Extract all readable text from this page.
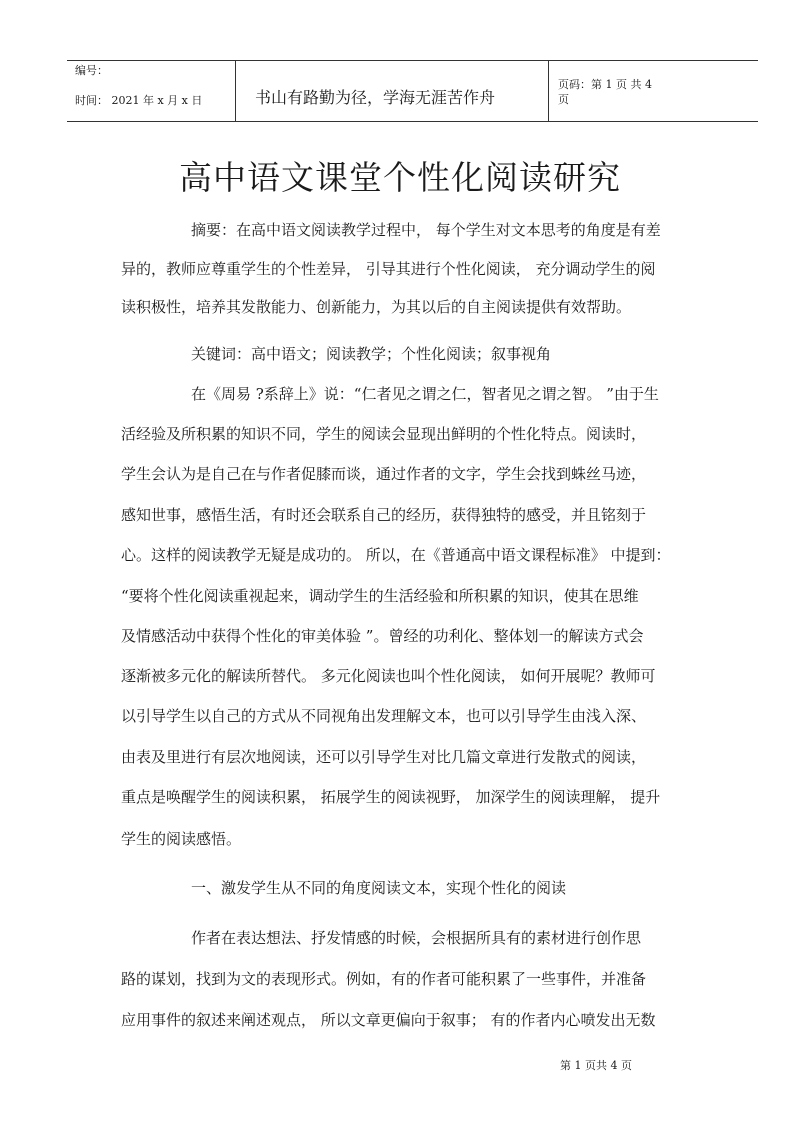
编号：
时间： 2021 年 x 月 x 日	书山有路勤为径，学海无涯苦作舟
页码：第 1 页 共 4
页
高中语文课堂个性化阅读研究
摘要：在高中语文阅读教学过程中， 每个学生对文本思考的角度是有差
异的，教师应尊重学生的个性差异， 引导其进行个性化阅读， 充分调动学生的阅
读积极性，培养其发散能力、创新能力，为其以后的自主阅读提供有效帮助。
关键词：高中语文；阅读教学；个性化阅读；叙事视角
在《周易 ?系辞上》说：“仁者见之谓之仁，智者见之谓之智。 ”由于生
活经验及所积累的知识不同，学生的阅读会显现出鲜明的个性化特点。阅读时，
学生会认为是自己在与作者促膝而谈，通过作者的文字，学生会找到蛛丝马迹，
感知世事，感悟生活，有时还会联系自己的经历，获得独特的感受，并且铭刻于
心。这样的阅读教学无疑是成功的。 所以，在《普通高中语文课程标准》 中提到：
“要将个性化阅读重视起来，调动学生的生活经验和所积累的知识，使其在思维
及情感活动中获得个性化的审美体验 ”。曾经的功利化、整体划一的解读方式会
逐渐被多元化的解读所替代。 多元化阅读也叫个性化阅读， 如何开展呢？教师可
以引导学生以自己的方式从不同视角出发理解文本，也可以引导学生由浅入深、
由表及里进行有层次地阅读，还可以引导学生对比几篇文章进行发散式的阅读，
重点是唤醒学生的阅读积累， 拓展学生的阅读视野， 加深学生的阅读理解， 提升
学生的阅读感悟。
一、激发学生从不同的角度阅读文本，实现个性化的阅读
作者在表达想法、抒发情感的时候，会根据所具有的素材进行创作思
路的谋划，找到为文的表现形式。例如，有的作者可能积累了一些事件，并准备
应用事件的叙述来阐述观点， 所以文章更偏向于叙事； 有的作者内心喷发出无数
第 1 页共 4 页
